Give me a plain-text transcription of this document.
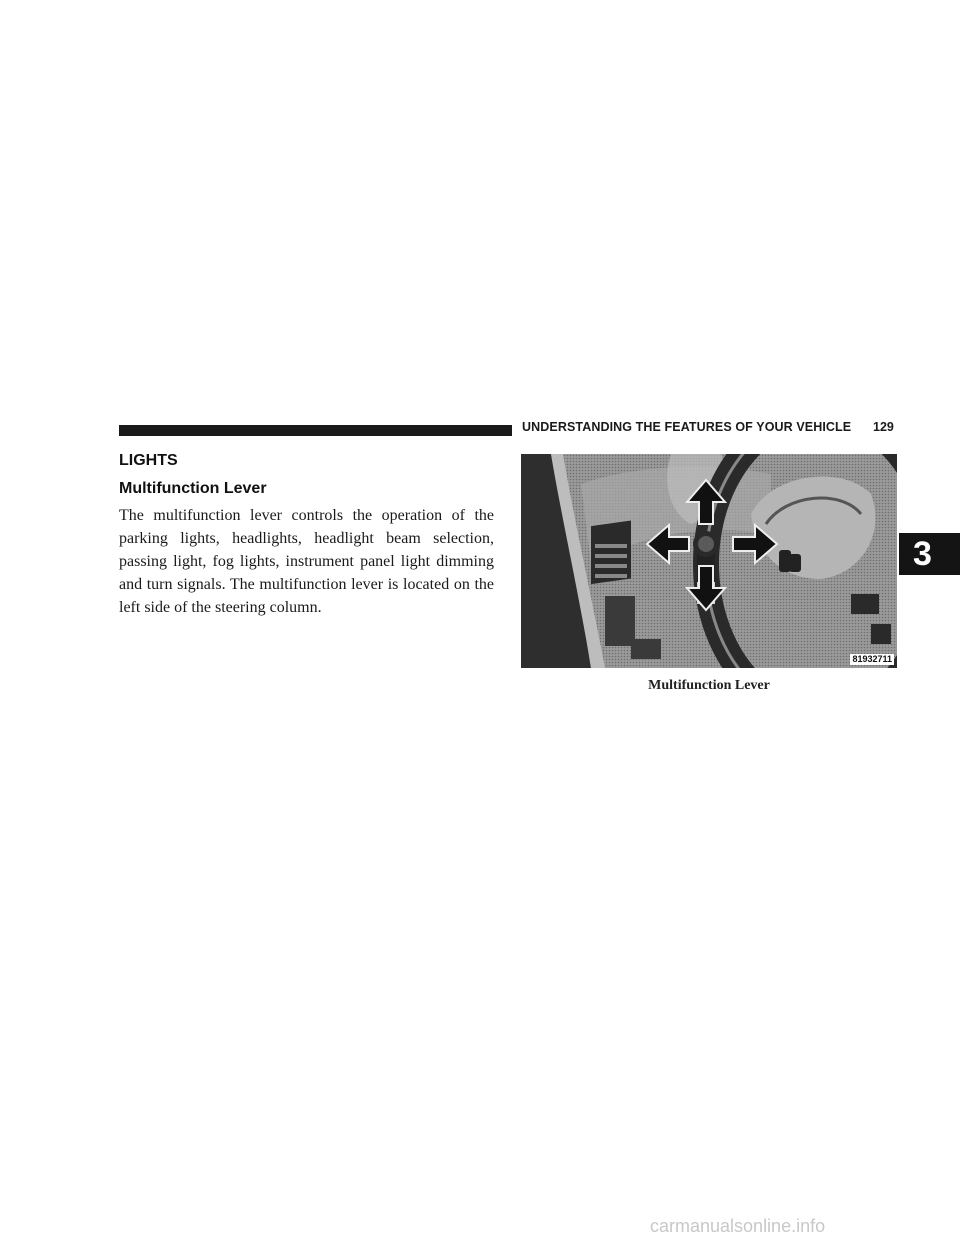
UNDERSTANDING THE FEATURES OF YOUR VEHICLE 129
LIGHTS
Multifunction Lever
The multifunction lever controls the operation of the parking lights, headlights, headlight beam selection, passing light, fog lights, instrument panel light dimming and turn signals. The multifunction lever is located on the left side of the steering column.
81932711
Multifunction Lever
3
carmanualsonline.info
